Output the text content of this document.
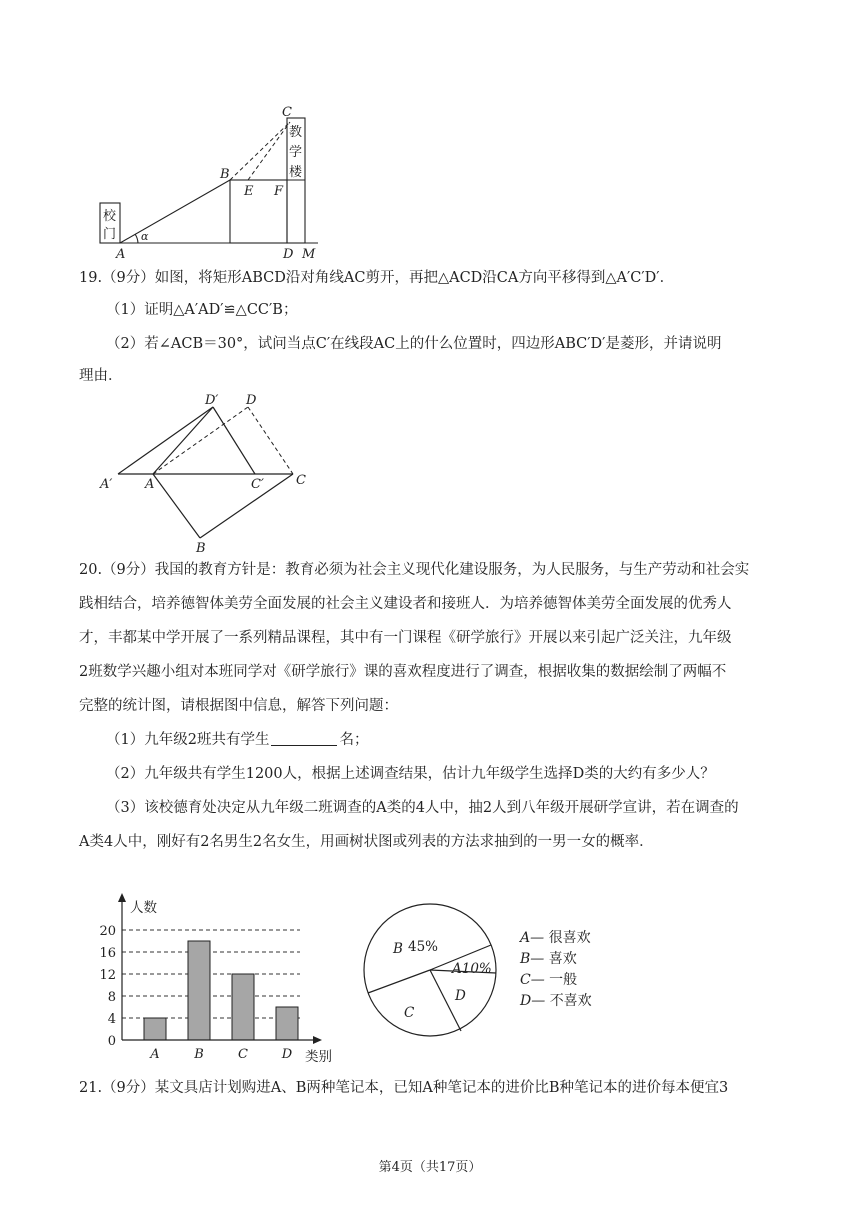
A
B
C
D
E F
M
α
校
门
教
学
楼
19.（9分）如图，将矩形ABCD沿对角线AC剪开，再把△ACD沿CA方向平移得到△A′C′D′．
（1）证明△A′AD′≌△CC′B；
（2）若∠ACB＝30°，试问当点C′在线段AC上的什么位置时，四边形ABC′D′是菱形，并请说明
理由．
D′ D
A′	A	C′ C
B
20.（9分）我国的教育方针是：教育必须为社会主义现代化建设服务，为人民服务，与生产劳动和社会实
践相结合，培养德智体美劳全面发展的社会主义建设者和接班人．为培养德智体美劳全面发展的优秀人
才，丰都某中学开展了一系列精品课程，其中有一门课程《研学旅行》开展以来引起广泛关注，九年级
2班数学兴趣小组对本班同学对《研学旅行》课的喜欢程度进行了调查，根据收集的数据绘制了两幅不
完整的统计图，请根据图中信息，解答下列问题：
（1）九年级2班共有学生	名；
（2）九年级共有学生1200人，根据上述调查结果，估计九年级学生选择D类的大约有多少人？
（3）该校德育处决定从九年级二班调查的A类的4人中，抽2人到八年级开展研学宣讲，若在调查的
A类4人中，刚好有2名男生2名女生，用画树状图或列表的方法求抽到的一男一女的概率．
0
4
8
12
16
20
A	B	C	D
人数
类别
B 45%
A10%
D
C
A— 很喜欢
B— 喜欢
C— 一般
D— 不喜欢
21.（9分）某文具店计划购进A、B两种笔记本，已知A种笔记本的进价比B种笔记本的进价每本便宜3
第4页（共17页）
